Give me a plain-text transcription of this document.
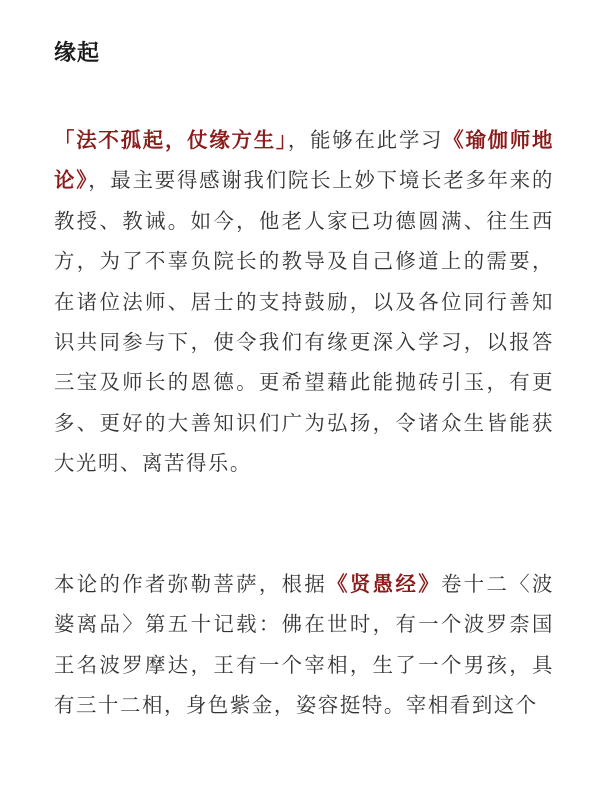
缘起

「法不孤起，仗缘方生」，能够在此学习《瑜伽师地论》，最主要得感谢我们院长上妙下境长老多年来的教授、教诫。如今，他老人家已功德圆满、往生西方，为了不辜负院长的教导及自己修道上的需要，在诸位法师、居士的支持鼓励，以及各位同行善知识共同参与下，使令我们有缘更深入学习，以报答三宝及师长的恩德。更希望藉此能抛砖引玉，有更多、更好的大善知识们广为弘扬，令诸众生皆能获大光明、离苦得乐。

本论的作者弥勒菩萨，根据《贤愚经》卷十二〈波婆离品〉第五十记载：佛在世时，有一个波罗柰国王名波罗摩达，王有一个宰相，生了一个男孩，具有三十二相，身色紫金，姿容挺特。宰相看到这个
